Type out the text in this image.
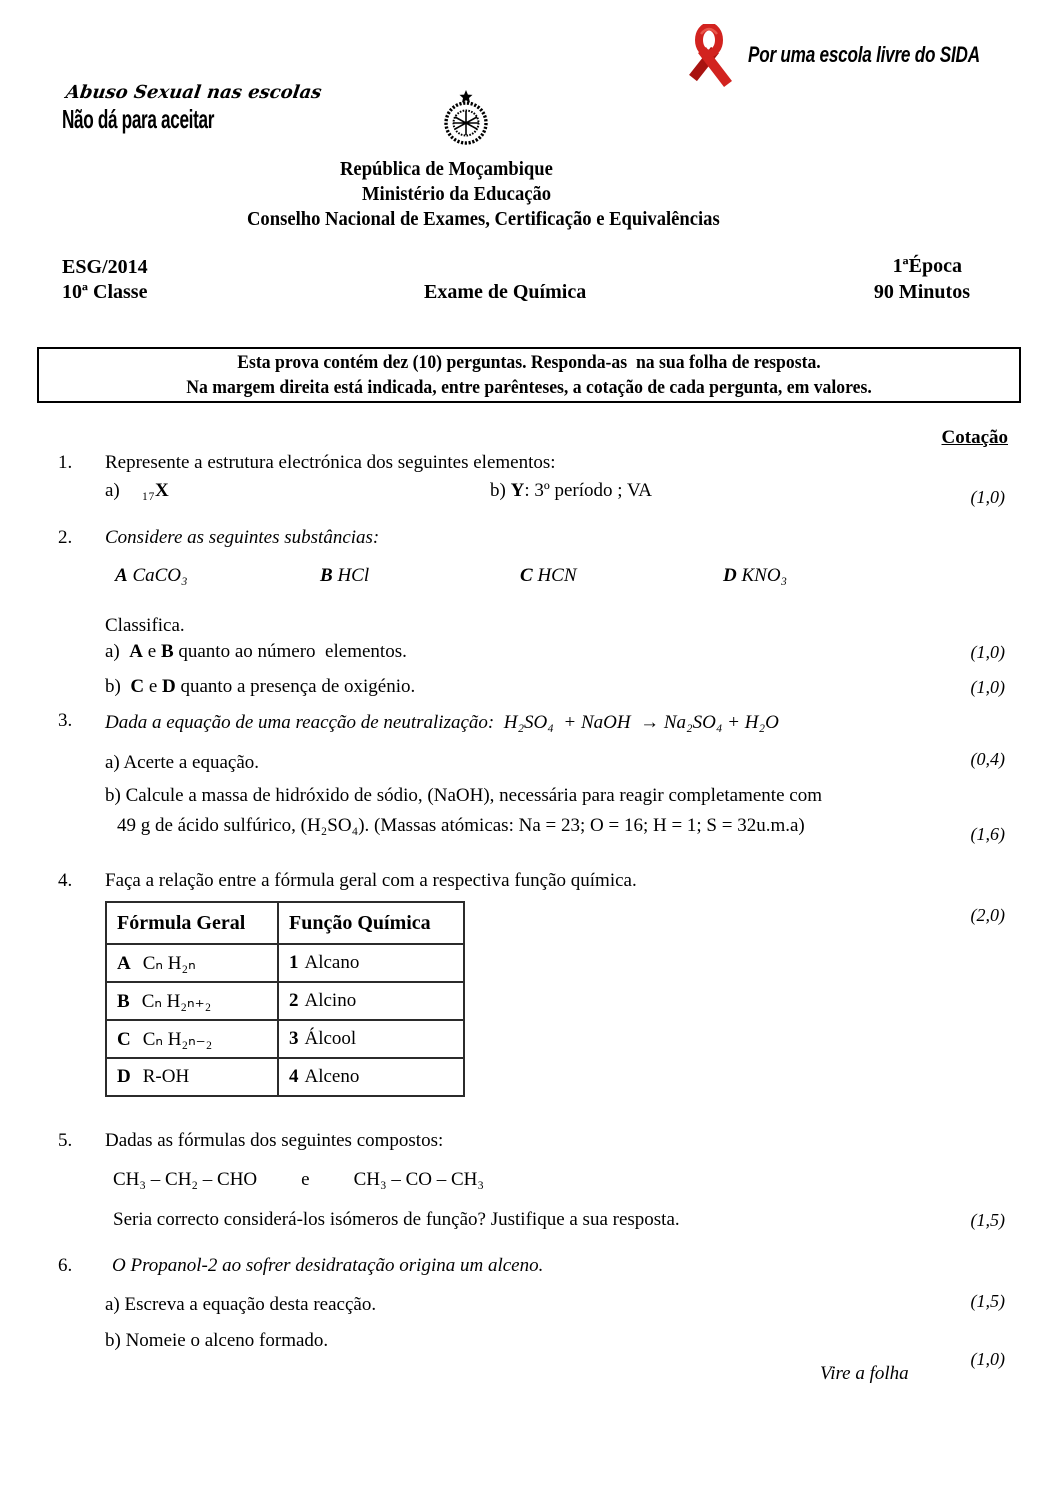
Abuso Sexual nas escolas
Não dá para aceitar
República de Moçambique
Ministério da Educação
Conselho Nacional de Exames, Certificação e Equivalências
Por uma escola livre do SIDA
ESG/2014
10ª Classe	Exame de Química
1ªÉpoca
90 Minutos
Esta prova contém dez (10) perguntas. Responda-as  na sua folha de resposta.
Na margem direita está indicada, entre parênteses, a cotação de cada pergunta, em valores.
Cotação
(1,0)
(1,0)
(1,0)
(0,4)
(1,6)
(2,0)
(1,5)
(1,5)
(1,0)
1. Represente a estrutura electrónica dos seguintes elementos:
a) ₁₇X	b) Y: 3º período ; VA
2. Considere as seguintes substâncias:
A CaCO₃	B HCl	C HCN	D KNO₃
Classifica.
a)  A e B quanto ao número  elementos.
b)  C e D quanto a presença de oxigénio.
3. Dada a equação de uma reacção de neutralização:  H₂SO₄  + NaOH  → Na₂SO₄ + H₂O
a) Acerte a equação.
b) Calcule a massa de hidróxido de sódio, (NaOH), necessária para reagir completamente com
49 g de ácido sulfúrico, (H₂SO₄). (Massas atómicas: Na = 23; O = 16; H = 1; S = 32u.m.a)
4. Faça a relação entre a fórmula geral com a respectiva função química.
Fórmula Geral	Função Química
A Cₙ H₂ₙ	1 Alcano
B Cₙ H₂ₙ₊₂	2 Alcino
C Cₙ H₂ₙ₋₂	3 Álcool
D R-OH	4 Alceno
5. Dadas as fórmulas dos seguintes compostos:
CH₃ – CH₂ – CHO e CH₃ – CO – CH₃
Seria correcto considerá-los isómeros de função? Justifique a sua resposta.
6. O Propanol-2 ao sofrer desidratação origina um alceno.
a) Escreva a equação desta reacção.
b) Nomeie o alceno formado.
Vire a folha
